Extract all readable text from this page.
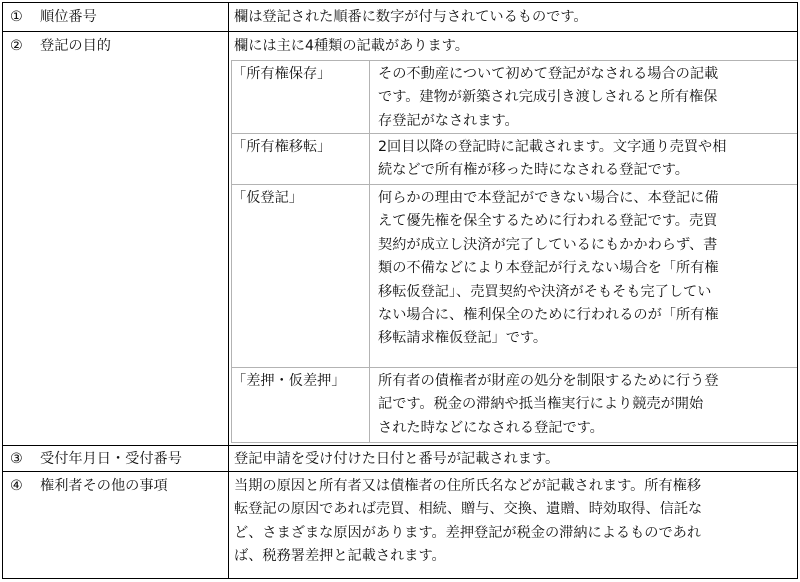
① 順位番号	欄は登記された順番に数字が付与されているものです。
② 登記の目的	欄には主に4種類の記載があります。
「所有権保存」	その不動産について初めて登記がなされる場合の記載
です。建物が新築され完成引き渡しされると所有権保
存登記がなされます。
「所有権移転」	2回目以降の登記時に記載されます。文字通り売買や相
続などで所有権が移った時になされる登記です。
「仮登記」	何らかの理由で本登記ができない場合に、本登記に備
えて優先権を保全するために行われる登記です。売買
契約が成立し決済が完了しているにもかかわらず、書
類の不備などにより本登記が行えない場合を「所有権
移転仮登記」、売買契約や決済がそもそも完了してい
ない場合に、権利保全のために行われるのが「所有権
移転請求権仮登記」です。
「差押・仮差押」	所有者の債権者が財産の処分を制限するために行う登
記です。税金の滞納や抵当権実行により競売が開始
された時などになされる登記です。
③ 受付年月日・受付番号	登記申請を受け付けた日付と番号が記載されます。
④ 権利者その他の事項	当期の原因と所有者又は債権者の住所氏名などが記載されます。所有権移
転登記の原因であれば売買、相続、贈与、交換、遺贈、時効取得、信託な
ど、さまざまな原因があります。差押登記が税金の滞納によるものであれ
ば、税務署差押と記載されます。
